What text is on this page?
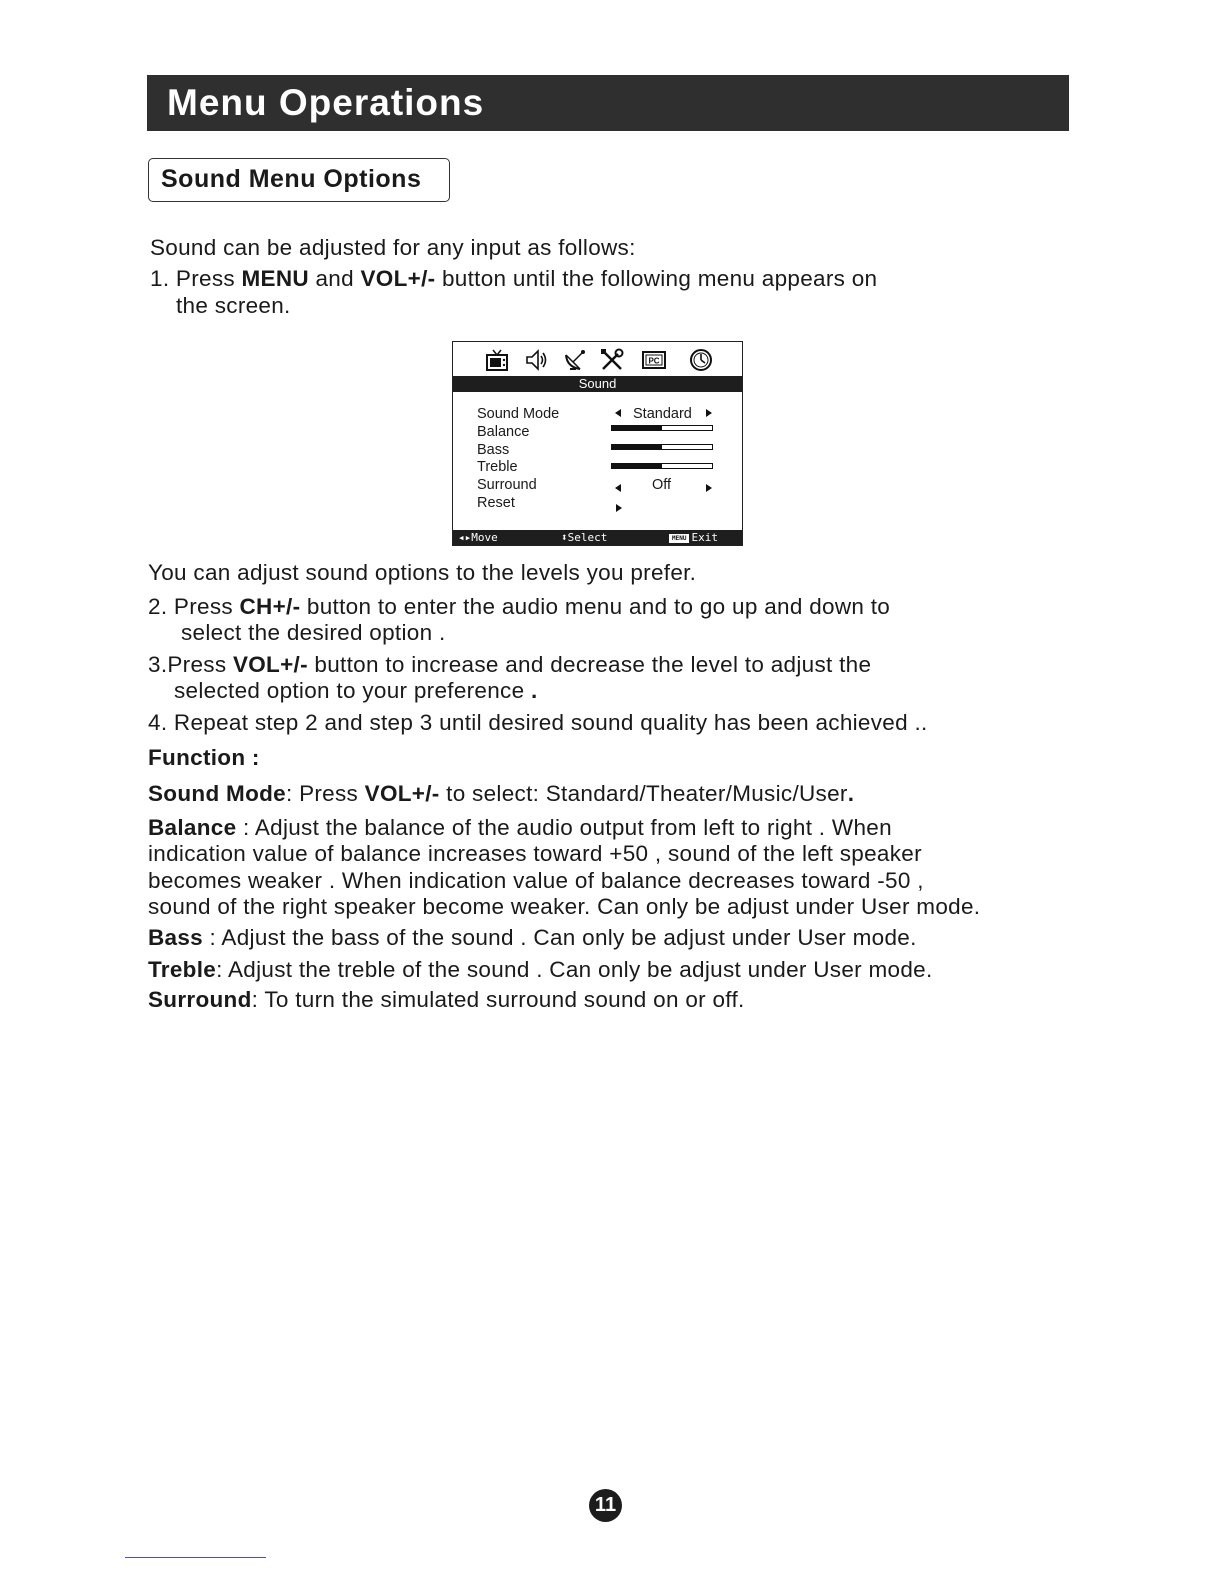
Menu Operations
Sound Menu Options
Sound can be adjusted for any input as follows:
1. Press MENU and VOL+/- button until the following menu appears on
the screen.
PC
Sound
Sound Mode
Balance
Bass
Treble
Surround
Reset
Standard
Off
◂▸Move	⬍Select	MENU Exit
You can adjust sound options to the levels you prefer.
2. Press CH+/- button to enter the audio menu and to go up and down to
select the desired option .
3.Press VOL+/- button to increase and decrease the level to adjust the
selected option to your preference .
4. Repeat step 2 and step 3 until desired sound quality has been achieved ..
Function :
Sound Mode: Press VOL+/- to select: Standard/Theater/Music/User.
Balance : Adjust the balance of the audio output from left to right . When
indication value of balance increases toward +50 , sound of the left speaker
becomes weaker . When indication value of balance decreases toward -50 ,
sound of the right speaker become weaker. Can only be adjust under User mode.
Bass : Adjust the bass of the sound . Can only be adjust under User mode.
Treble: Adjust the treble of the sound . Can only be adjust under User mode.
Surround: To turn the simulated surround sound on or off.
11
